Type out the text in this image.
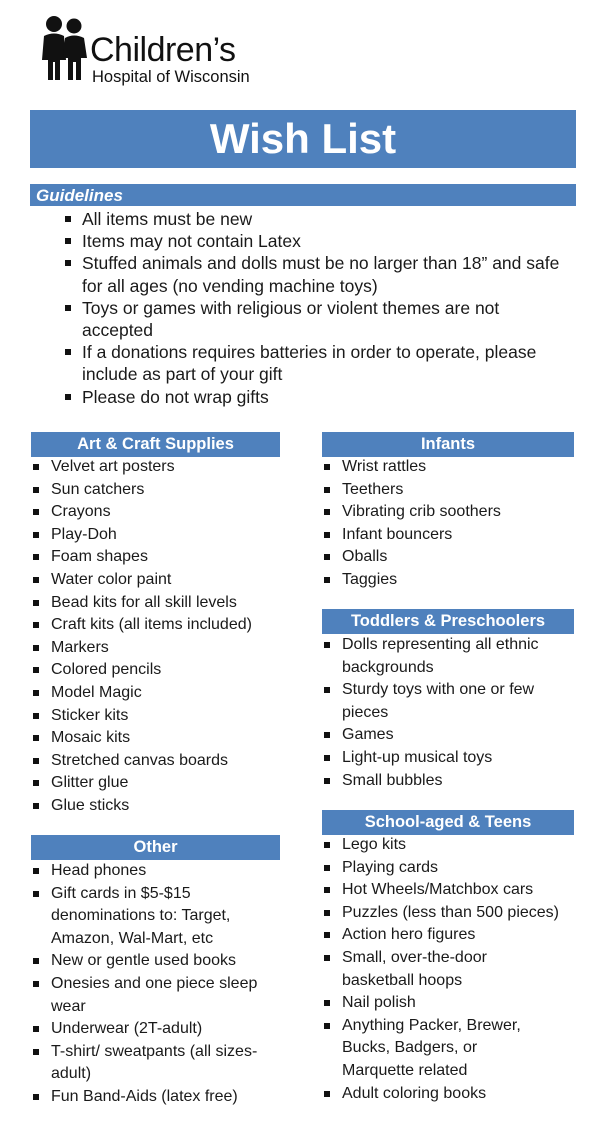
Children’s
Hospital of Wisconsin
Wish List
Guidelines
All items must be new
Items may not contain Latex
Stuffed animals and dolls must be no larger than 18” and safe for all ages (no vending machine toys)
Toys or games with religious or violent themes are not accepted
If a donations requires batteries in order to operate, please include as part of your gift
Please do not wrap gifts
Art & Craft Supplies
Velvet art posters
Sun catchers
Crayons
Play-Doh
Foam shapes
Water color paint
Bead kits for all skill levels
Craft kits (all items included)
Markers
Colored pencils
Model Magic
Sticker kits
Mosaic kits
Stretched canvas boards
Glitter glue
Glue sticks
Other
Head phones
Gift cards in $5-$15 denominations to: Target, Amazon, Wal-Mart, etc
New or gentle used books
Onesies and one piece sleep wear
Underwear (2T-adult)
T-shirt/ sweatpants (all sizes- adult)
Fun Band-Aids (latex free)
Infants
Wrist rattles
Teethers
Vibrating crib soothers
Infant bouncers
Oballs
Taggies
Toddlers & Preschoolers
Dolls representing all ethnic backgrounds
Sturdy toys with one or few pieces
Games
Light-up musical toys
Small bubbles
School-aged & Teens
Lego kits
Playing cards
Hot Wheels/Matchbox cars
Puzzles (less than 500 pieces)
Action hero figures
Small, over-the-door basketball hoops
Nail polish
Anything Packer, Brewer, Bucks, Badgers, or Marquette related
Adult coloring books
